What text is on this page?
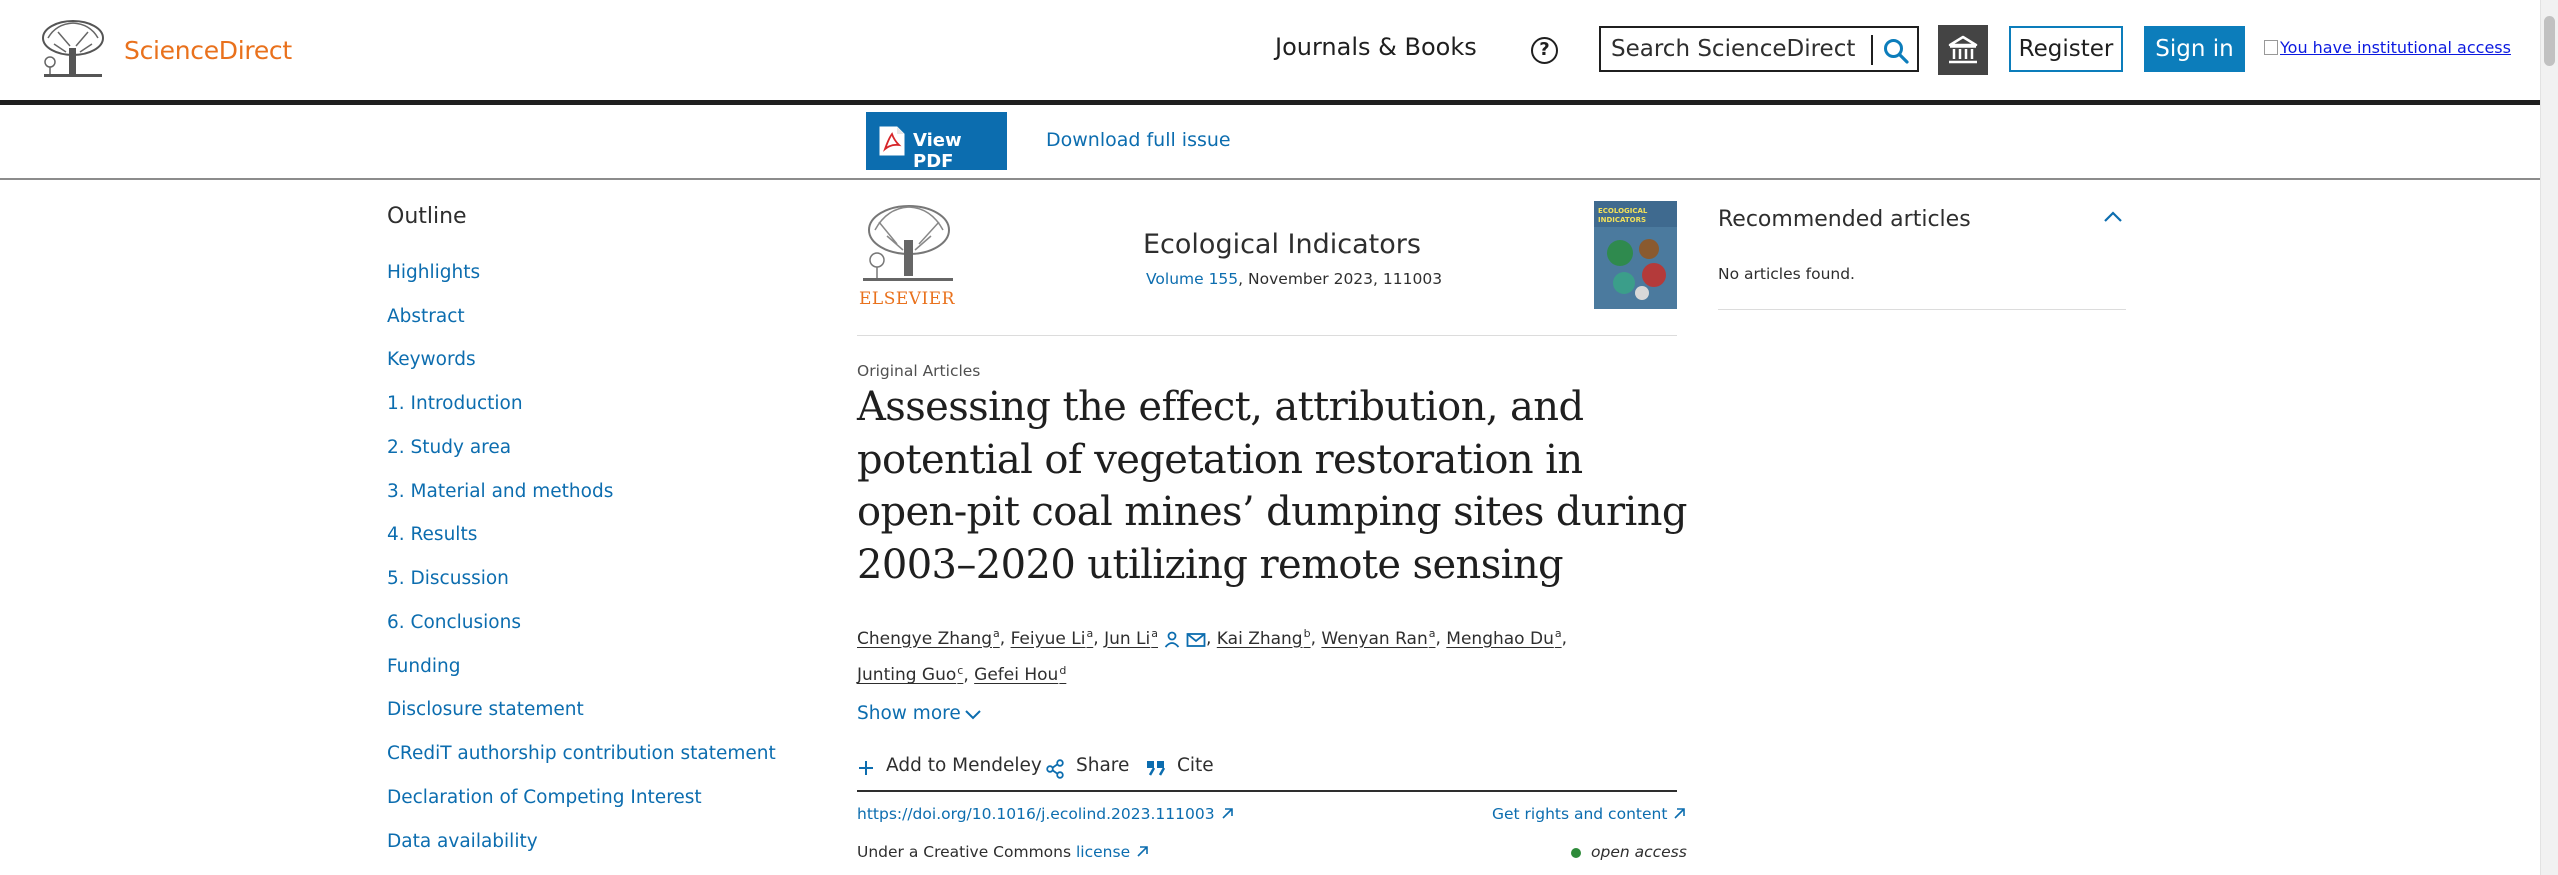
ScienceDirect	Journals & Books	?
Search ScienceDirect	Register	Sign in	You have institutional access
View PDF
Download full issue
Outline
Highlights
Abstract
Keywords
1. Introduction
2. Study area
3. Material and methods
4. Results
5. Discussion
6. Conclusions
Funding
Disclosure statement
CRediT authorship contribution statement
Declaration of Competing Interest
Data availability
ELSEVIER
Ecological Indicators
Volume 155, November 2023, 111003
ECOLOGICAL INDICATORS
Original Articles
Assessing the effect, attribution, and potential of vegetation restoration in open-pit coal mines’ dumping sites during 2003–2020 utilizing remote sensing
Chengye Zhang$^a$, Feiyue Li$^a$, Jun Li$^a$	, Kai Zhang$^b$, Wenyan Ran$^a$, Menghao Du$^a$,
Junting Guo$^c$, Gefei Hou$^d$
Show more
Add to Mendeley Share	Cite
https://doi.org/10.1016/j.ecolind.2023.111003	Get rights and content
Under a Creative Commons license	open access
Recommended articles
No articles found.
